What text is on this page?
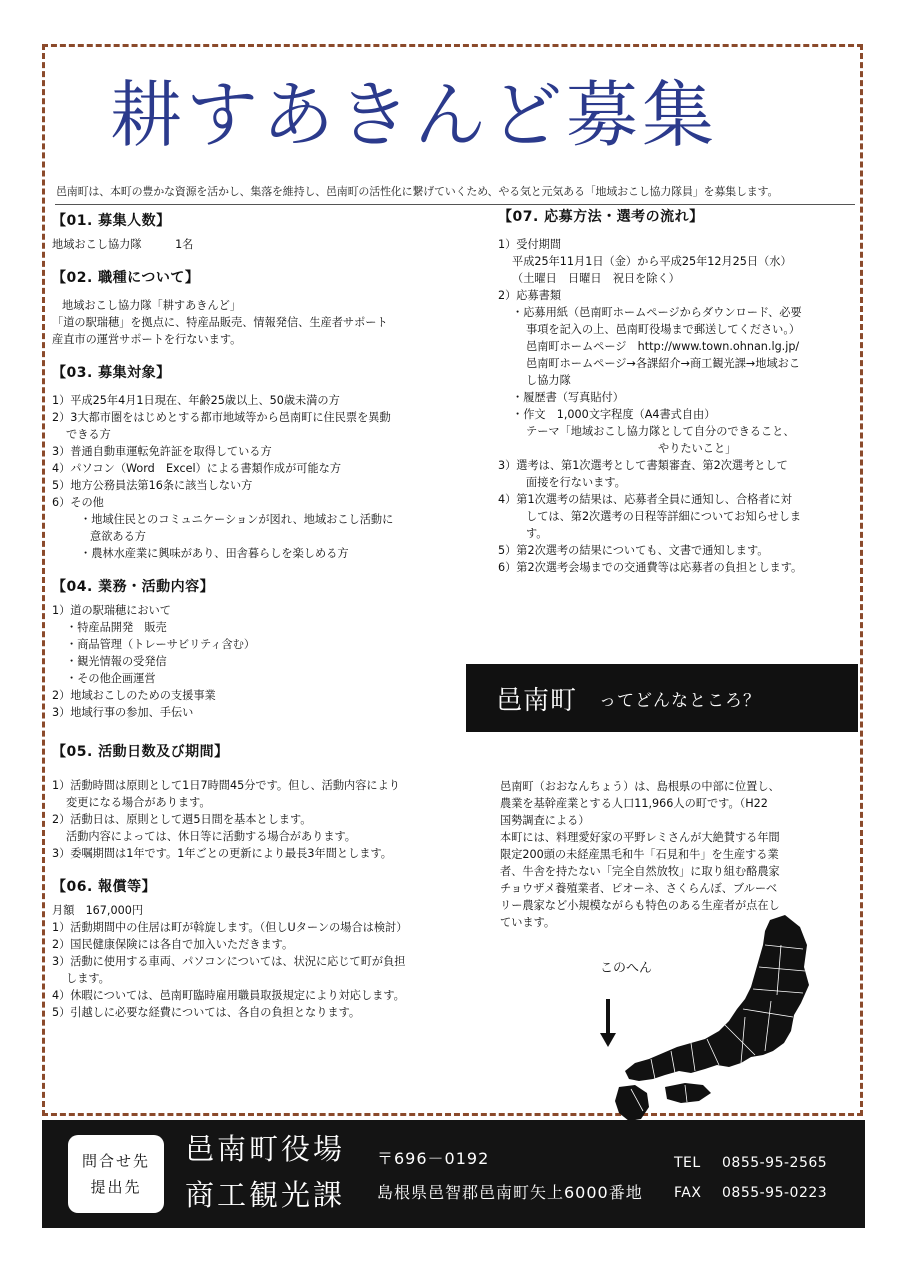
耕すあきんど募集
邑南町は、本町の豊かな資源を活かし、集落を維持し、邑南町の活性化に繋げていくため、やる気と元気ある「地域おこし協力隊員」を募集します。

【01. 募集人数】

地域おこし協力隊　　　1名

【02. 職種について】

地域おこし協力隊「耕すあきんど」

「道の駅瑞穂」を拠点に、特産品販売、情報発信、生産者サポート

産直市の運営サポートを行ないます。

【03. 募集対象】

1）平成25年4月1日現在、年齢25歳以上、50歳未満の方

2）3大都市圏をはじめとする都市地域等から邑南町に住民票を異動

できる方

3）普通自動車運転免許証を取得している方

4）パソコン（Word　Excel）による書類作成が可能な方

5）地方公務員法第16条に該当しない方

6）その他

・地域住民とのコミュニケーションが図れ、地域おこし活動に

意欲ある方

・農林水産業に興味があり、田舎暮らしを楽しめる方

【04. 業務・活動内容】

1）道の駅瑞穂において

・特産品開発　販売

・商品管理（トレーサビリティ含む）

・観光情報の受発信

・その他企画運営

2）地域おこしのための支援事業

3）地域行事の参加、手伝い

【05. 活動日数及び期間】

1）活動時間は原則として1日7時間45分です。但し、活動内容により

変更になる場合があります。

2）活動日は、原則として週5日間を基本とします。

活動内容によっては、休日等に活動する場合があります。

3）委嘱期間は1年です。1年ごとの更新により最長3年間とします。

【06. 報償等】

月額　167,000円

1）活動期間中の住居は町が斡旋します。（但しUターンの場合は検討）

2）国民健康保険には各自で加入いただきます。

3）活動に使用する車両、パソコンについては、状況に応じて町が負担

します。

4）休暇については、邑南町臨時雇用職員取扱規定により対応します。

5）引越しに必要な経費については、各自の負担となります。

【07. 応募方法・選考の流れ】

1）受付期間

平成25年11月1日（金）から平成25年12月25日（水）

（土曜日　日曜日　祝日を除く）

2）応募書類

・応募用紙（邑南町ホームページからダウンロード、必要

事項を記入の上、邑南町役場まで郵送してください。）

邑南町ホームページ　http://www.town.ohnan.lg.jp/

邑南町ホームページ→各課紹介→商工観光課→地域おこ

し協力隊

・履歴書（写真貼付）

・作文　1,000文字程度（A4書式自由）

テーマ「地域おこし協力隊として自分のできること、

やりたいこと」

3）選考は、第1次選考として書類審査、第2次選考として

面接を行ないます。

4）第1次選考の結果は、応募者全員に通知し、合格者に対

しては、第2次選考の日程等詳細についてお知らせしま

す。

5）第2次選考の結果についても、文書で通知します。

6）第2次選考会場までの交通費等は応募者の負担とします。

邑南町 ってどんなところ？

邑南町（おおなんちょう）は、島根県の中部に位置し、

農業を基幹産業とする人口11,966人の町です。（H22

国勢調査による）

本町には、料理愛好家の平野レミさんが大絶賛する年間

限定200頭の未経産黒毛和牛「石見和牛」を生産する業

者、牛舎を持たない「完全自然放牧」に取り組む酪農家

チョウザメ養殖業者、ピオーネ、さくらんぼ、ブルーベ

リー農家など小規模ながらも特色のある生産者が点在し

ています。

このへん
問合せ先
提出先
邑南町役場
商工観光課
〒696－0192
島根県邑智郡邑南町矢上6000番地
TEL 0855-95-2565
FAX 0855-95-0223
